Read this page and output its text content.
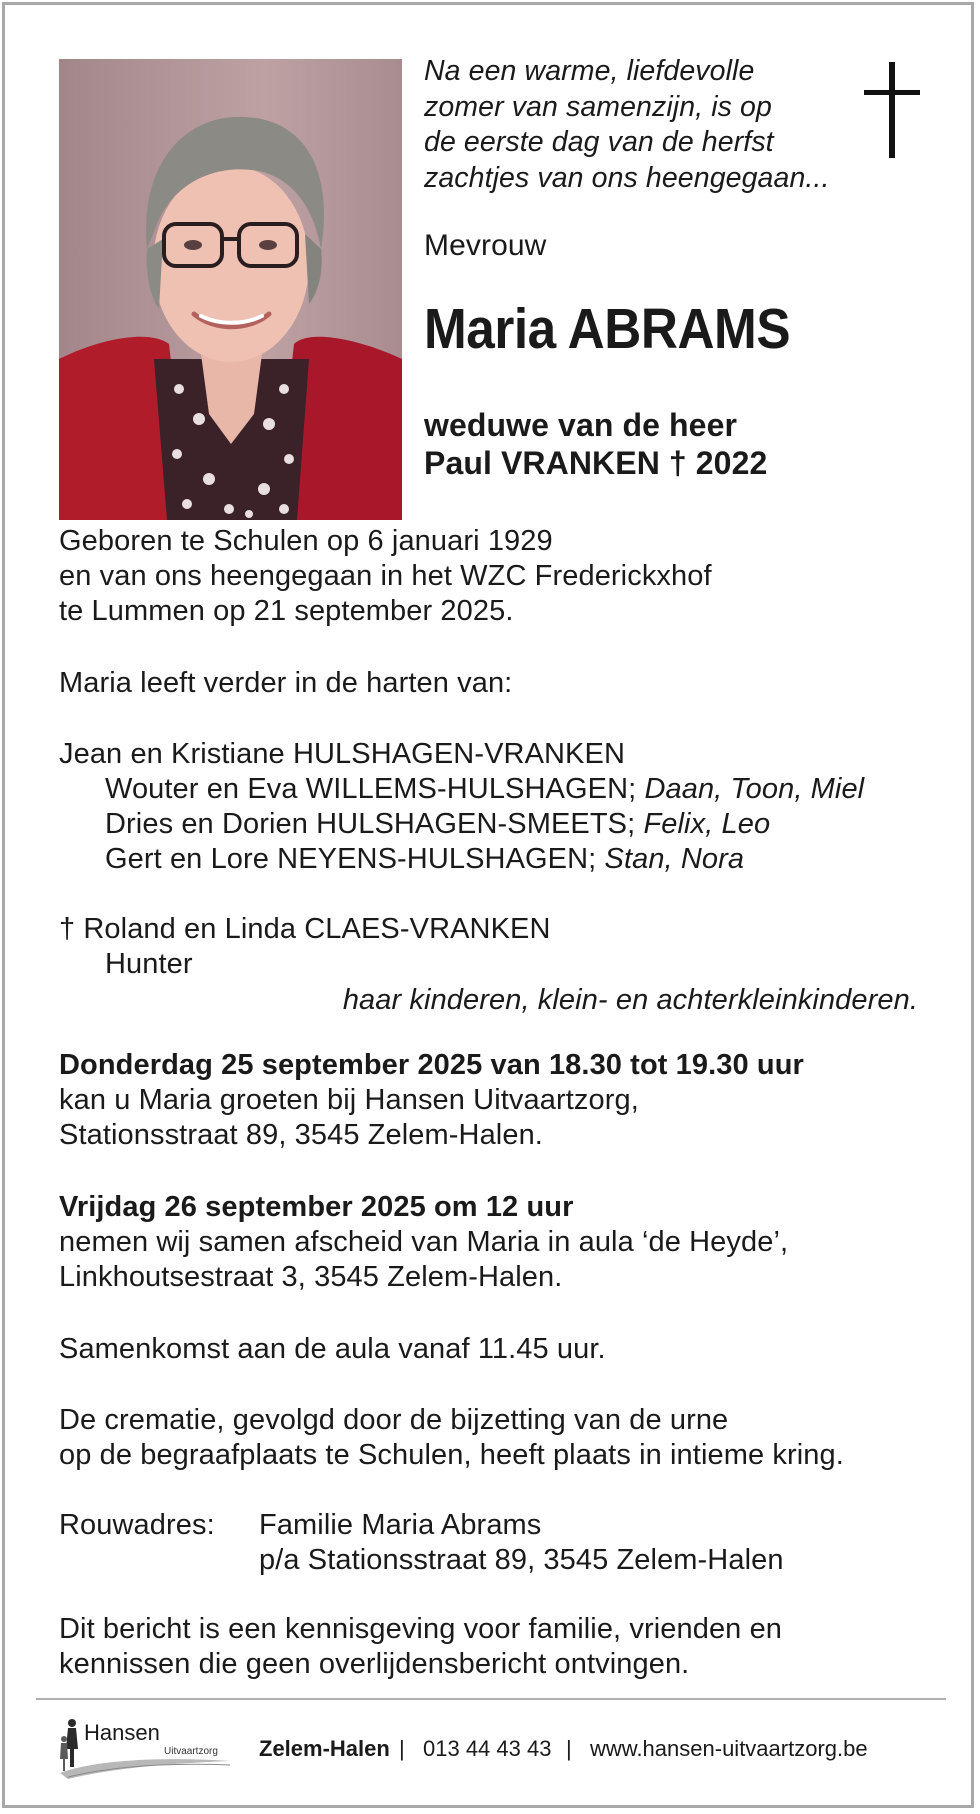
Na een warme, liefdevolle
zomer van samenzijn, is op
de eerste dag van de herfst
zachtjes van ons heengegaan...
Mevrouw
Maria ABRAMS
weduwe van de heer
Paul VRANKEN † 2022
Geboren te Schulen op 6 januari 1929
en van ons heengegaan in het WZC Frederickxhof
te Lummen op 21 september 2025.
Maria leeft verder in de harten van:
Jean en Kristiane HULSHAGEN-VRANKEN
Wouter en Eva WILLEMS-HULSHAGEN; Daan, Toon, Miel
Dries en Dorien HULSHAGEN-SMEETS; Felix, Leo
Gert en Lore NEYENS-HULSHAGEN; Stan, Nora
† Roland en Linda CLAES-VRANKEN
Hunter
haar kinderen, klein- en achterkleinkinderen.
Donderdag 25 september 2025 van 18.30 tot 19.30 uur
kan u Maria groeten bij Hansen Uitvaartzorg,
Stationsstraat 89, 3545 Zelem-Halen.
Vrijdag 26 september 2025 om 12 uur
nemen wij samen afscheid van Maria in aula ‘de Heyde’,
Linkhoutsestraat 3, 3545 Zelem-Halen.
Samenkomst aan de aula vanaf 11.45 uur.
De crematie, gevolgd door de bijzetting van de urne
op de begraafplaats te Schulen, heeft plaats in intieme kring.
Rouwadres: Familie Maria Abrams
p/a Stationsstraat 89, 3545 Zelem-Halen
Dit bericht is een kennisgeving voor familie, vrienden en
kennissen die geen overlijdensbericht ontvingen.
Hansen
Uitvaartzorg Zelem-Halen | 013 44 43 43 | www.hansen-uitvaartzorg.be
